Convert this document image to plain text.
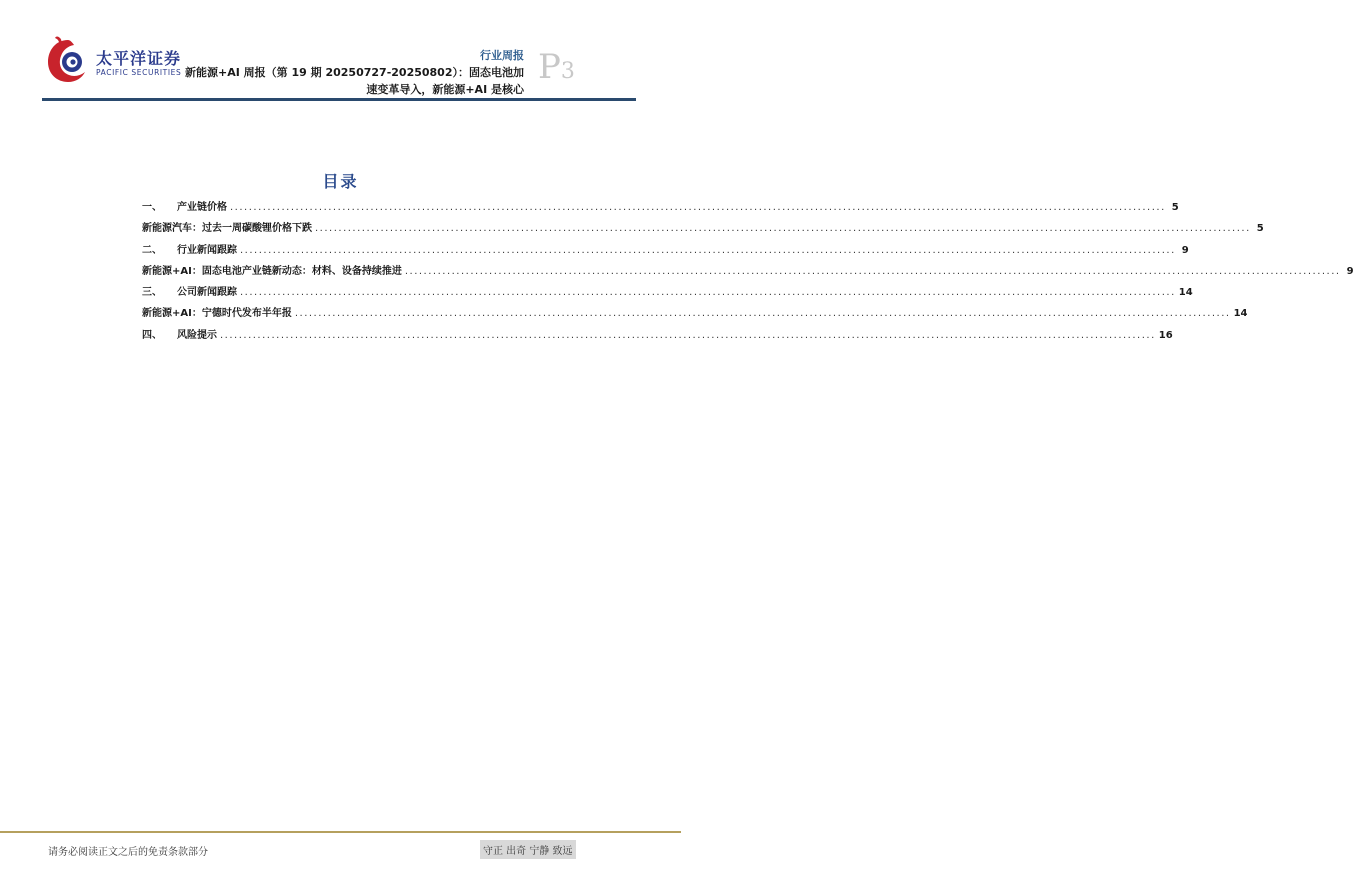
太平洋证券
PACIFIC SECURITIES
行业周报
新能源+AI 周报（第 19 期 20250727-20250802）：固态电池加速变革导入，新能源+AI 是核心
P3
目录
一、	产业链价格 ........................................................................................................................................................................................................ 5
新能源汽车：过去一周碳酸锂价格下跌 ........................................................................................................................................................................................................ 5
二、	行业新闻跟踪 ........................................................................................................................................................................................................ 9
新能源+AI：固态电池产业链新动态：材料、设备持续推进 ........................................................................................................................................................................................................ 9
三、	公司新闻跟踪 ........................................................................................................................................................................................................ 14
新能源+AI：宁德时代发布半年报 ........................................................................................................................................................................................................ 14
四、	风险提示 ........................................................................................................................................................................................................ 16
请务必阅读正文之后的免责条款部分	守正 出奇 宁静 致远
